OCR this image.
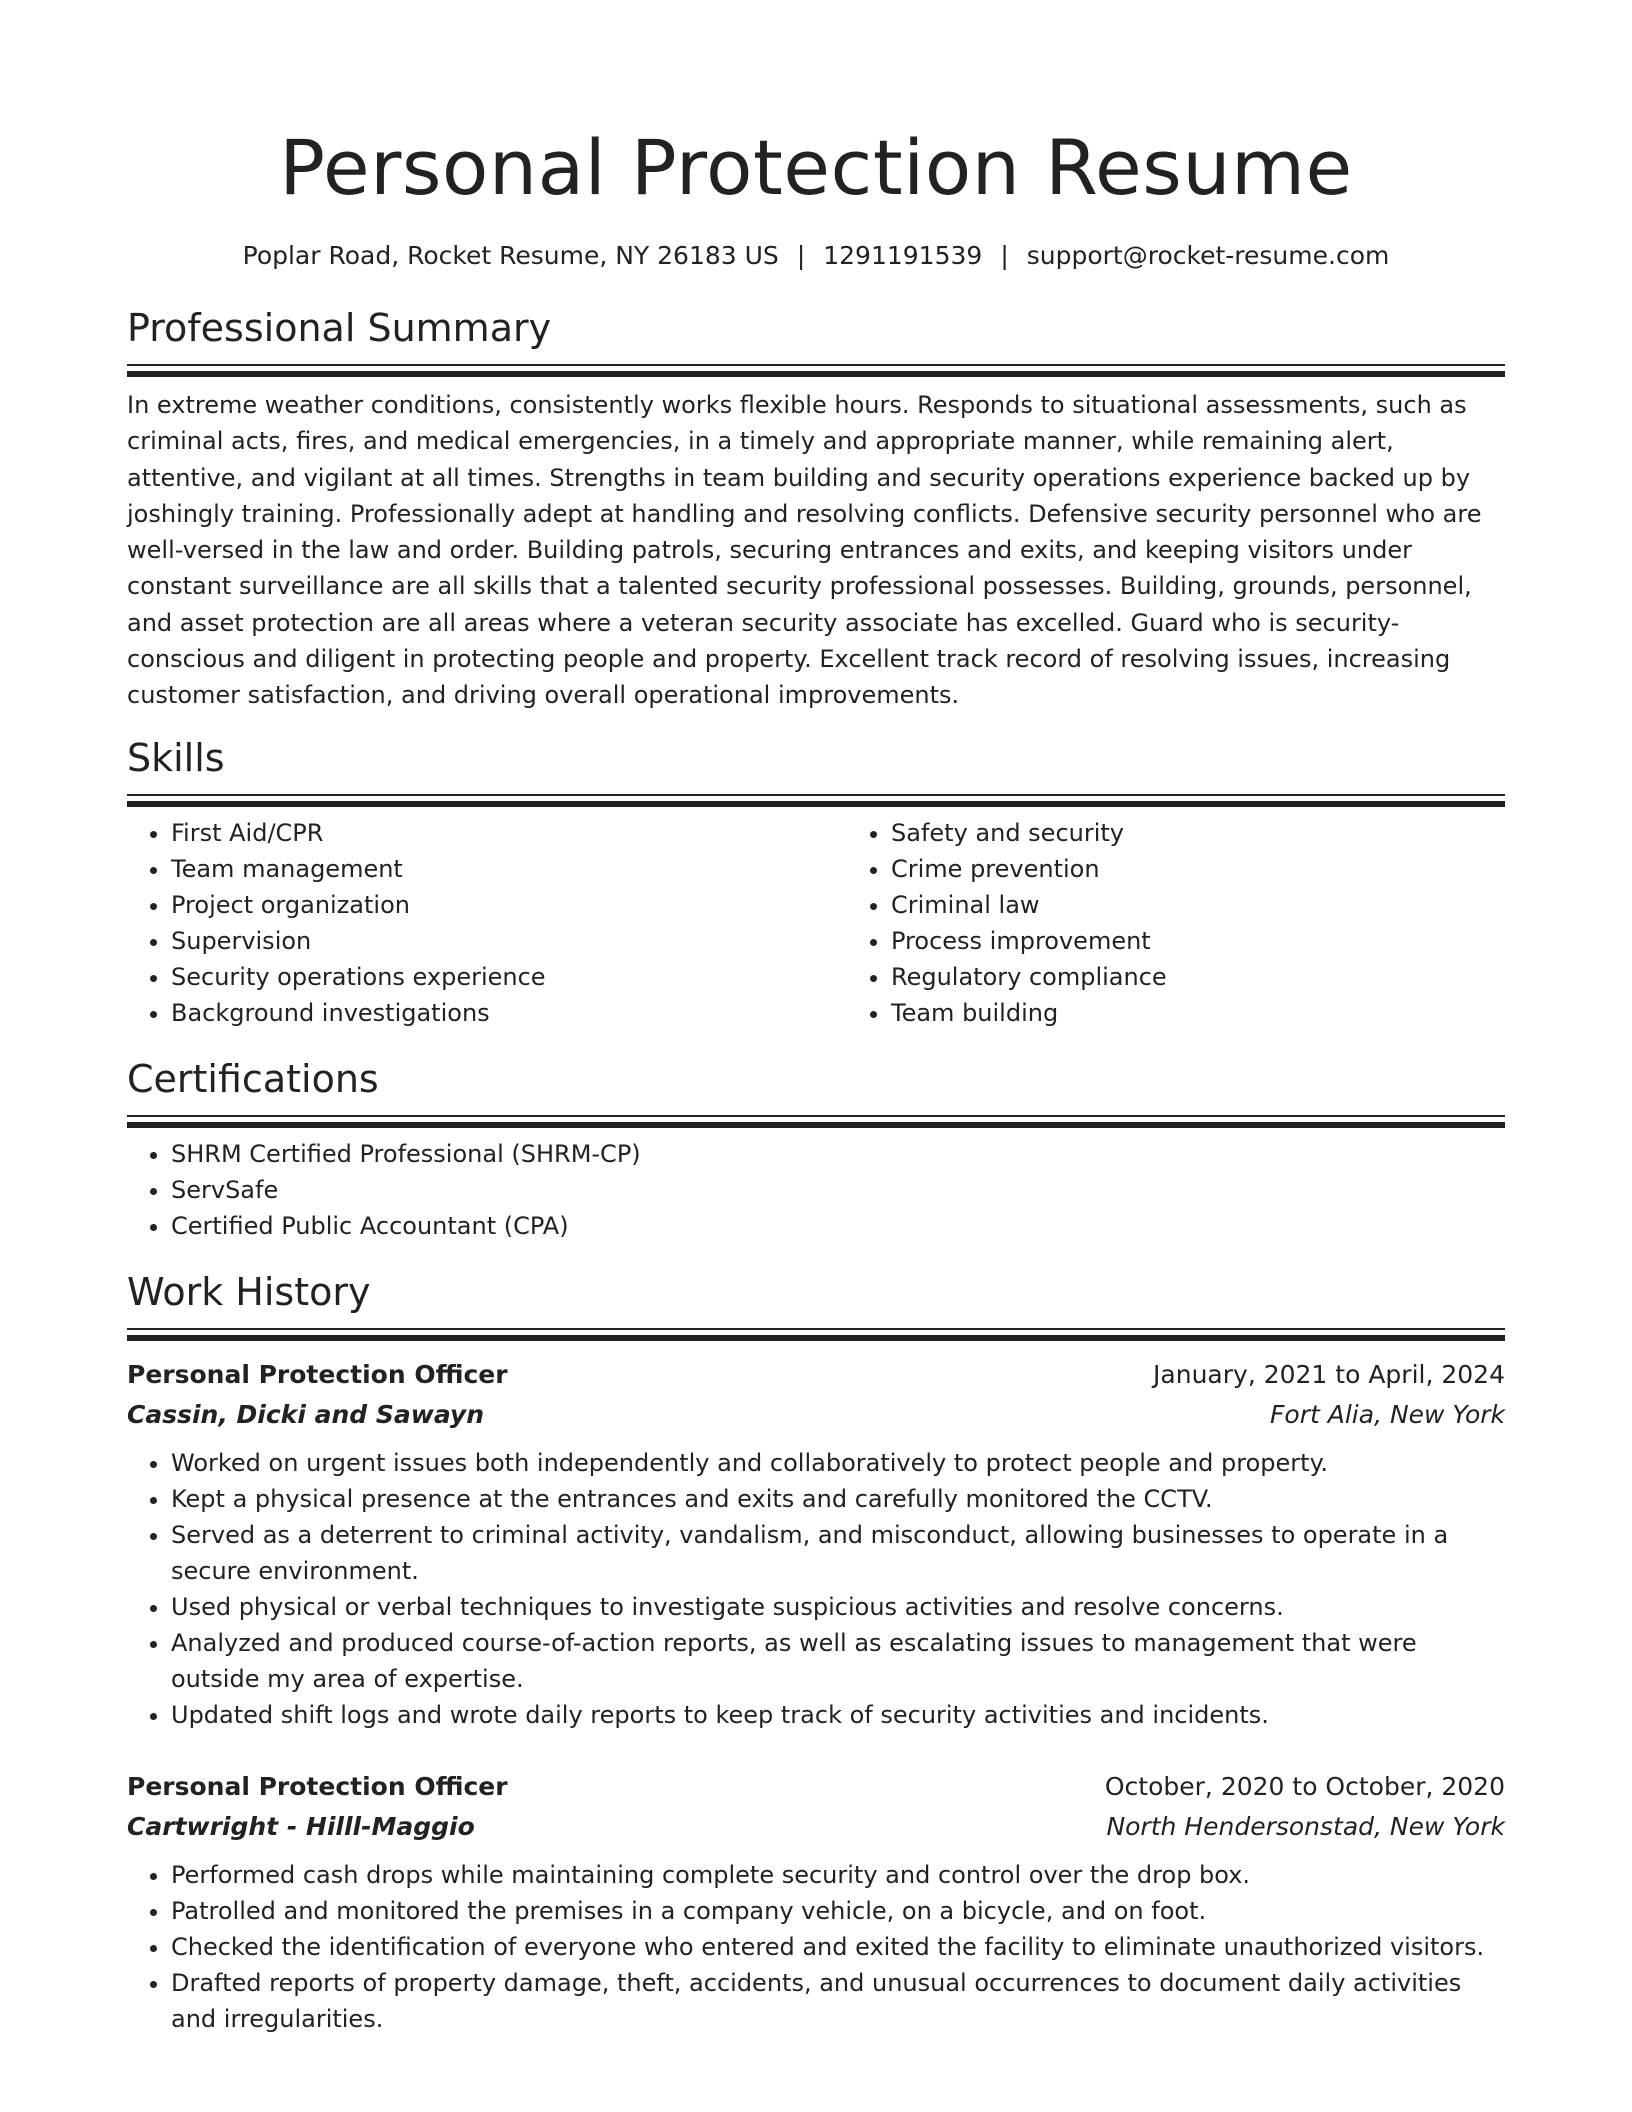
Personal Protection Resume
Poplar Road, Rocket Resume, NY 26183 US | 1291191539 | support@rocket-resume.com
Professional Summary
In extreme weather conditions, consistently works flexible hours. Responds to situational assessments, such as criminal acts, fires, and medical emergencies, in a timely and appropriate manner, while remaining alert, attentive, and vigilant at all times. Strengths in team building and security operations experience backed up by joshingly training. Professionally adept at handling and resolving conflicts. Defensive security personnel who are well-versed in the law and order. Building patrols, securing entrances and exits, and keeping visitors under constant surveillance are all skills that a talented security professional possesses. Building, grounds, personnel, and asset protection are all areas where a veteran security associate has excelled. Guard who is security-conscious and diligent in protecting people and property. Excellent track record of resolving issues, increasing customer satisfaction, and driving overall operational improvements.
Skills
• First Aid/CPR
• Team management
• Project organization
• Supervision
• Security operations experience
• Background investigations
• Safety and security
• Crime prevention
• Criminal law
• Process improvement
• Regulatory compliance
• Team building
Certifications
• SHRM Certified Professional (SHRM-CP)
• ServSafe
• Certified Public Accountant (CPA)
Work History
Personal Protection Officer	January, 2021 to April, 2024
Cassin, Dicki and Sawayn	Fort Alia, New York
• Worked on urgent issues both independently and collaboratively to protect people and property.
• Kept a physical presence at the entrances and exits and carefully monitored the CCTV.
• Served as a deterrent to criminal activity, vandalism, and misconduct, allowing businesses to operate in a secure environment.
• Used physical or verbal techniques to investigate suspicious activities and resolve concerns.
• Analyzed and produced course-of-action reports, as well as escalating issues to management that were outside my area of expertise.
• Updated shift logs and wrote daily reports to keep track of security activities and incidents.
Personal Protection Officer	October, 2020 to October, 2020
Cartwright - Hilll-Maggio	North Hendersonstad, New York
• Performed cash drops while maintaining complete security and control over the drop box.
• Patrolled and monitored the premises in a company vehicle, on a bicycle, and on foot.
• Checked the identification of everyone who entered and exited the facility to eliminate unauthorized visitors.
• Drafted reports of property damage, theft, accidents, and unusual occurrences to document daily activities and irregularities.
